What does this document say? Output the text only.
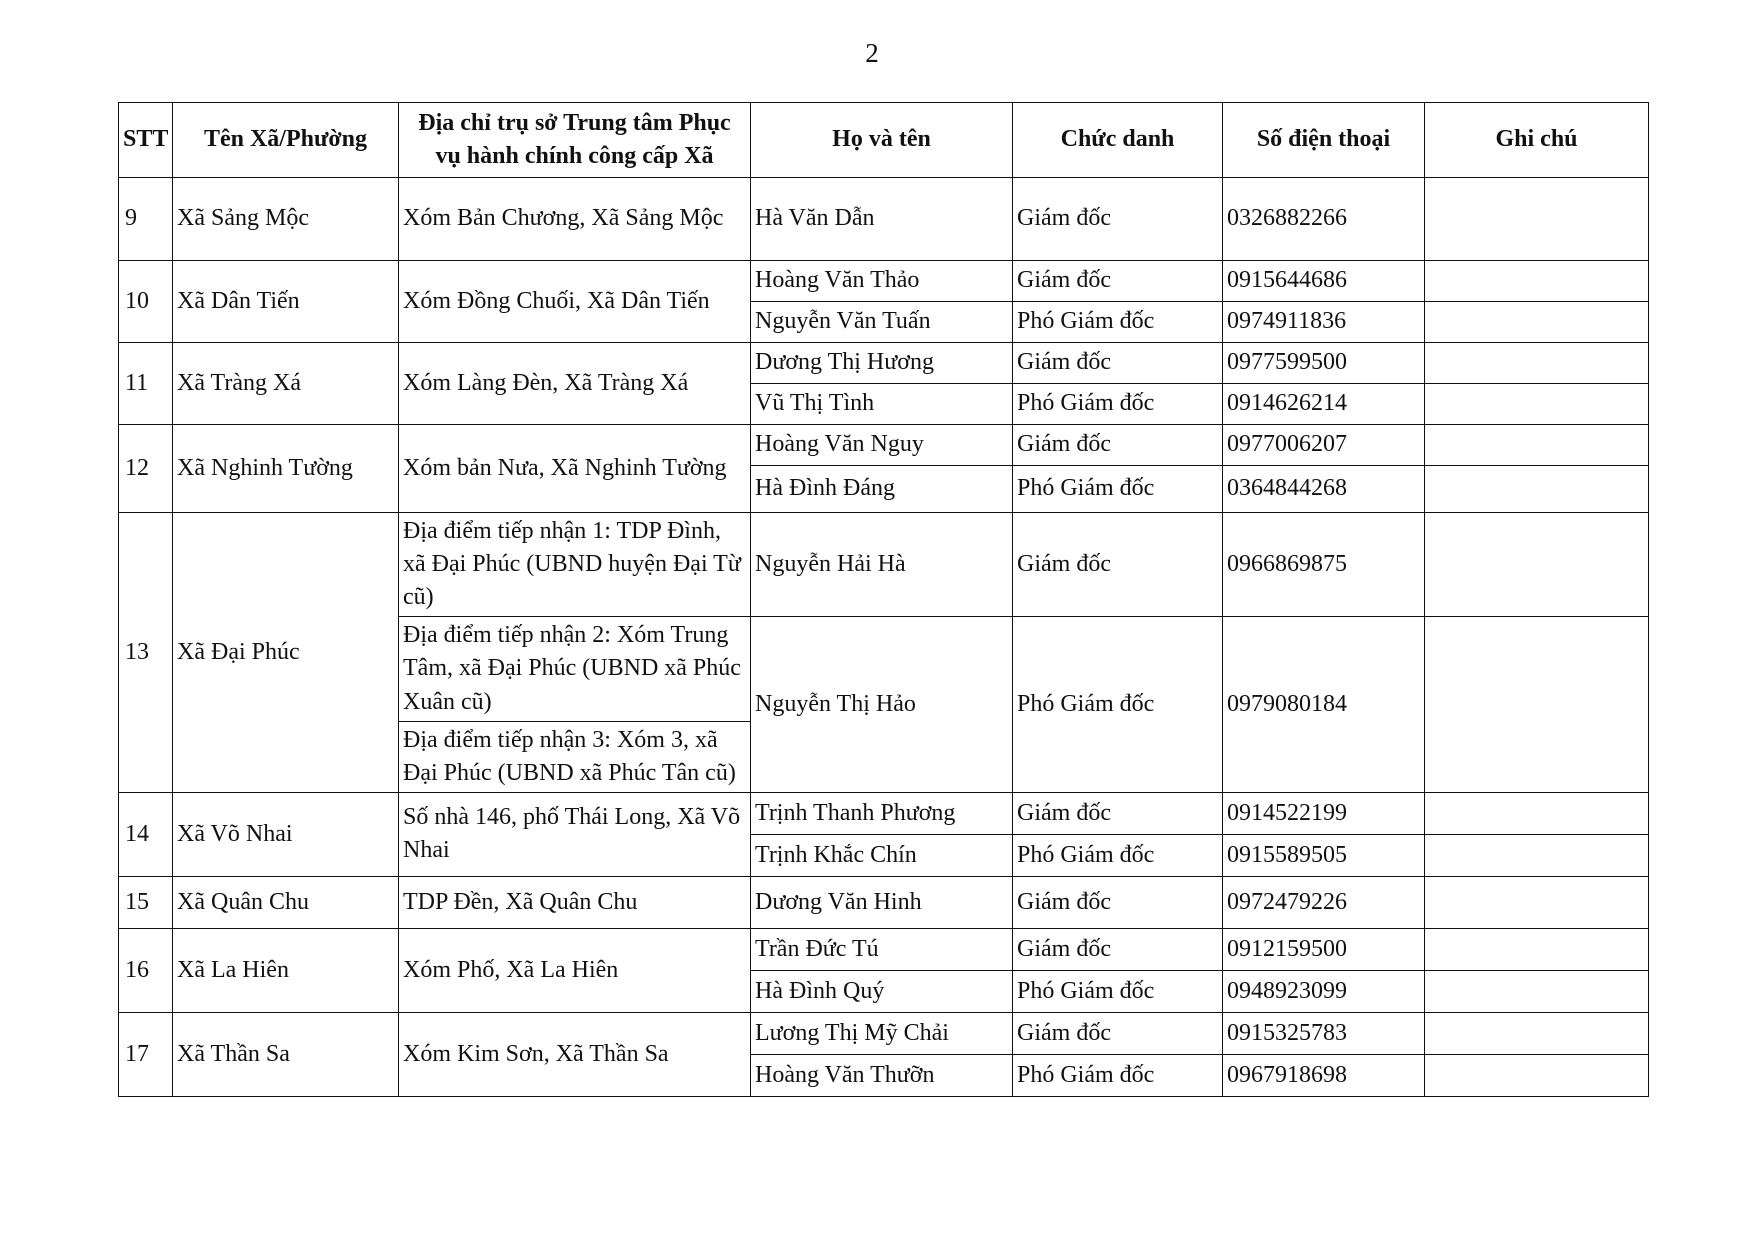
2
STT	Tên Xã/Phường	Địa chỉ trụ sở Trung tâm Phục vụ hành chính công cấp Xã	Họ và tên	Chức danh	Số điện thoại	Ghi chú
9	Xã Sảng Mộc	Xóm Bản Chương, Xã Sảng Mộc	Hà Văn Dẫn	Giám đốc	0326882266	
10	Xã Dân Tiến	Xóm Đồng Chuối, Xã Dân Tiến	Hoàng Văn Thảo	Giám đốc	0915644686	
			Nguyễn Văn Tuấn	Phó Giám đốc	0974911836	
11	Xã Tràng Xá	Xóm Làng Đèn, Xã Tràng Xá	Dương Thị Hương	Giám đốc	0977599500	
			Vũ Thị Tình	Phó Giám đốc	0914626214	
12	Xã Nghinh Tường	Xóm bản Nưa, Xã Nghinh Tường	Hoàng Văn Nguy	Giám đốc	0977006207	
			Hà Đình Đáng	Phó Giám đốc	0364844268	
13	Xã Đại Phúc	Địa điểm tiếp nhận 1: TDP Đình, xã Đại Phúc (UBND huyện Đại Từ cũ)	Nguyễn Hải Hà	Giám đốc	0966869875	
		Địa điểm tiếp nhận 2: Xóm Trung Tâm, xã Đại Phúc (UBND xã Phúc Xuân cũ)	Nguyễn Thị Hảo	Phó Giám đốc	0979080184	
		Địa điểm tiếp nhận 3: Xóm 3, xã Đại Phúc (UBND xã Phúc Tân cũ)				
14	Xã Võ Nhai	Số nhà 146, phố Thái Long, Xã Võ Nhai	Trịnh Thanh Phương	Giám đốc	0914522199	
			Trịnh Khắc Chín	Phó Giám đốc	0915589505	
15	Xã Quân Chu	TDP Đền, Xã Quân Chu	Dương Văn Hinh	Giám đốc	0972479226	
16	Xã La Hiên	Xóm Phố, Xã La Hiên	Trần Đức Tú	Giám đốc	0912159500	
			Hà Đình Quý	Phó Giám đốc	0948923099	
17	Xã Thần Sa	Xóm Kim Sơn, Xã Thần Sa	Lương Thị Mỹ Chải	Giám đốc	0915325783	
			Hoàng Văn Thưỡn	Phó Giám đốc	0967918698	
